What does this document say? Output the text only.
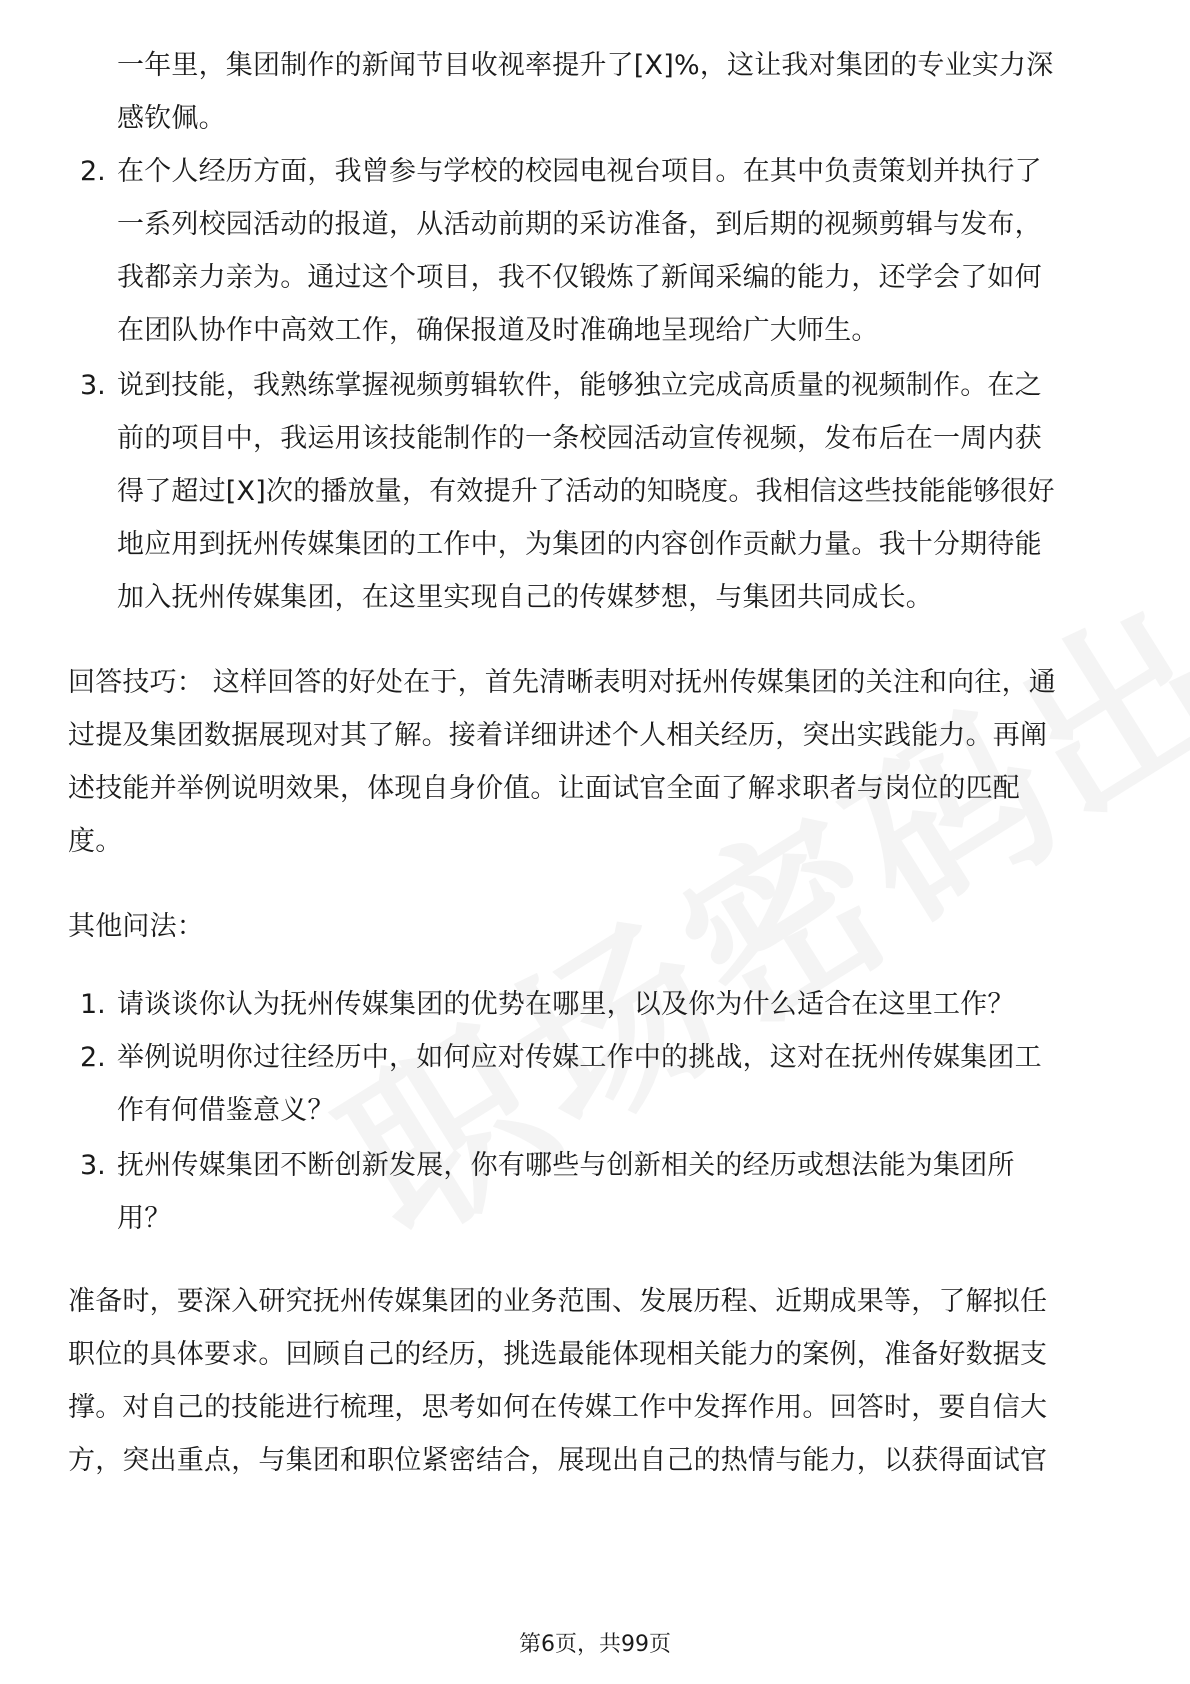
一年里，集团制作的新闻节目收视率提升了[X]%，这让我对集团的专业实力深
感钦佩。
2. 在个人经历方面，我曾参与学校的校园电视台项目。在其中负责策划并执行了
一系列校园活动的报道，从活动前期的采访准备，到后期的视频剪辑与发布，
我都亲力亲为。通过这个项目，我不仅锻炼了新闻采编的能力，还学会了如何
在团队协作中高效工作，确保报道及时准确地呈现给广大师生。
3. 说到技能，我熟练掌握视频剪辑软件，能够独立完成高质量的视频制作。在之
前的项目中，我运用该技能制作的一条校园活动宣传视频，发布后在一周内获
得了超过[X]次的播放量，有效提升了活动的知晓度。我相信这些技能能够很好
地应用到抚州传媒集团的工作中，为集团的内容创作贡献力量。我十分期待能
加入抚州传媒集团，在这里实现自己的传媒梦想，与集团共同成长。
回答技巧： 这样回答的好处在于，首先清晰表明对抚州传媒集团的关注和向往，通
过提及集团数据展现对其了解。接着详细讲述个人相关经历，突出实践能力。再阐
述技能并举例说明效果，体现自身价值。让面试官全面了解求职者与岗位的匹配
度。
其他问法：
1. 请谈谈你认为抚州传媒集团的优势在哪里，以及你为什么适合在这里工作？
2. 举例说明你过往经历中，如何应对传媒工作中的挑战，这对在抚州传媒集团工
作有何借鉴意义？
3. 抚州传媒集团不断创新发展，你有哪些与创新相关的经历或想法能为集团所
用？
准备时，要深入研究抚州传媒集团的业务范围、发展历程、近期成果等，了解拟任
职位的具体要求。回顾自己的经历，挑选最能体现相关能力的案例，准备好数据支
撑。对自己的技能进行梳理，思考如何在传媒工作中发挥作用。回答时，要自信大
方，突出重点，与集团和职位紧密结合，展现出自己的热情与能力，以获得面试官
第6页，共99页
